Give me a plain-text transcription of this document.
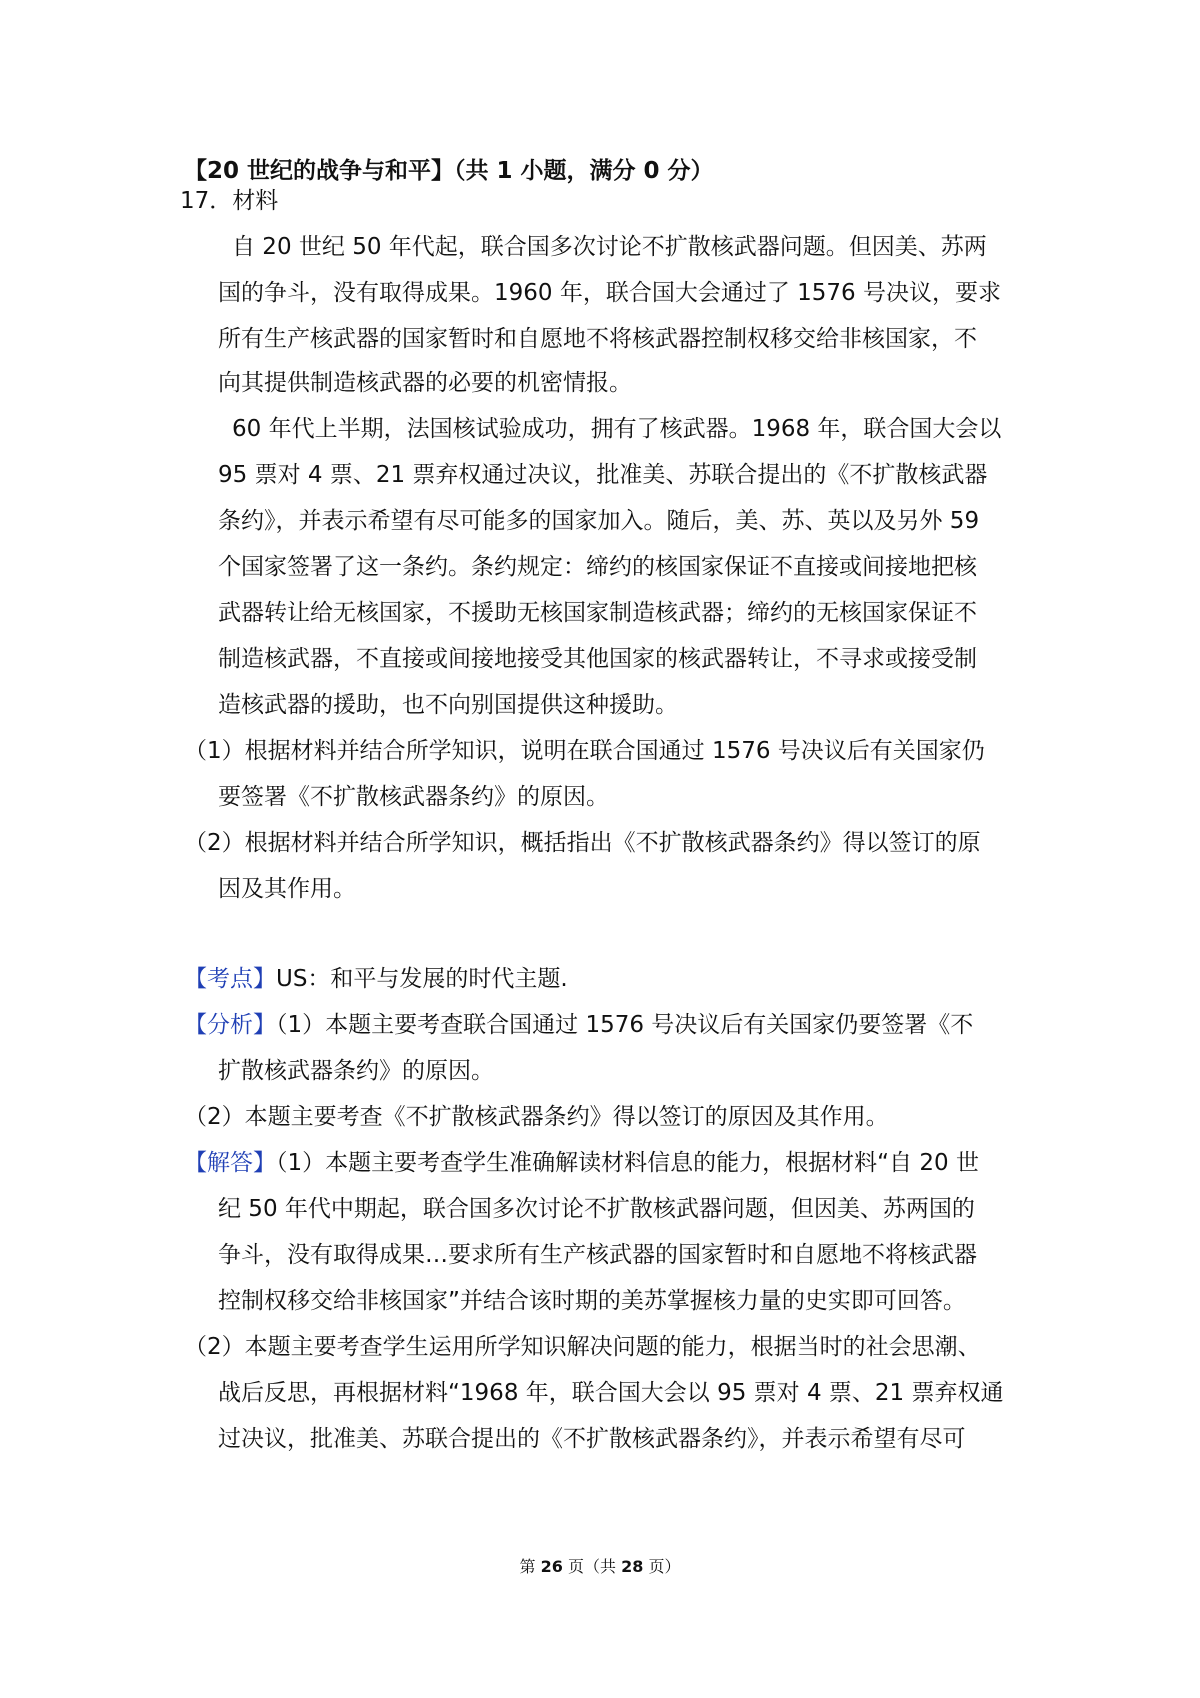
【20 世纪的战争与和平】（共 1 小题，满分 0 分）
17．材料
自 20 世纪 50 年代起，联合国多次讨论不扩散核武器问题。但因美、苏两
国的争斗，没有取得成果。1960 年，联合国大会通过了 1576 号决议，要求
所有生产核武器的国家暂时和自愿地不将核武器控制权移交给非核国家，不
向其提供制造核武器的必要的机密情报。
60 年代上半期，法国核试验成功，拥有了核武器。1968 年，联合国大会以
95 票对 4 票、21 票弃权通过决议，批准美、苏联合提出的《不扩散核武器
条约》，并表示希望有尽可能多的国家加入。随后，美、苏、英以及另外 59
个国家签署了这一条约。条约规定：缔约的核国家保证不直接或间接地把核
武器转让给无核国家，不援助无核国家制造核武器；缔约的无核国家保证不
制造核武器，不直接或间接地接受其他国家的核武器转让，不寻求或接受制
造核武器的援助，也不向别国提供这种援助。
（1）根据材料并结合所学知识，说明在联合国通过 1576 号决议后有关国家仍
要签署《不扩散核武器条约》的原因。
（2）根据材料并结合所学知识，概括指出《不扩散核武器条约》得以签订的原
因及其作用。
【考点】US：和平与发展的时代主题.
【分析】（1）本题主要考查联合国通过 1576 号决议后有关国家仍要签署《不
扩散核武器条约》的原因。
（2）本题主要考查《不扩散核武器条约》得以签订的原因及其作用。
【解答】（1）本题主要考查学生准确解读材料信息的能力，根据材料“自 20 世
纪 50 年代中期起，联合国多次讨论不扩散核武器问题，但因美、苏两国的
争斗，没有取得成果…要求所有生产核武器的国家暂时和自愿地不将核武器
控制权移交给非核国家”并结合该时期的美苏掌握核力量的史实即可回答。
（2）本题主要考查学生运用所学知识解决问题的能力，根据当时的社会思潮、
战后反思，再根据材料“1968 年，联合国大会以 95 票对 4 票、21 票弃权通
过决议，批准美、苏联合提出的《不扩散核武器条约》，并表示希望有尽可
第 26 页（共 28 页）
